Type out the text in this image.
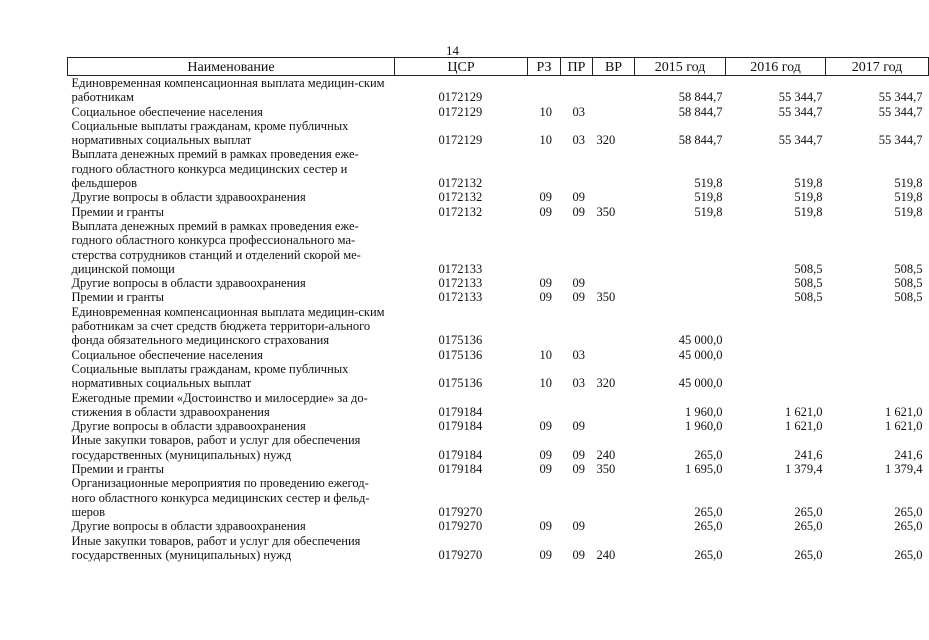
14
Наименование	ЦСР	РЗ	ПР	ВР	2015 год	2016 год	2017 год
Единовременная компенсационная выплата медицин-ским работникам	0172129				58 844,7	55 344,7	55 344,7
Социальное обеспечение населения	0172129	10	03		58 844,7	55 344,7	55 344,7
Социальные выплаты гражданам, кроме публичных нормативных социальных выплат	0172129	10	03	320	58 844,7	55 344,7	55 344,7
Выплата денежных премий в рамках проведения еже-годного областного конкурса медицинских сестер и фельдшеров	0172132				519,8	519,8	519,8
Другие вопросы в области здравоохранения	0172132	09	09		519,8	519,8	519,8
Премии и гранты	0172132	09	09	350	519,8	519,8	519,8
Выплата денежных премий в рамках проведения еже-годного областного конкурса профессионального ма-стерства сотрудников станций и отделений скорой ме-дицинской помощи	0172133					508,5	508,5
Другие вопросы в области здравоохранения	0172133	09	09			508,5	508,5
Премии и гранты	0172133	09	09	350		508,5	508,5
Единовременная компенсационная выплата медицин-ским работникам за счет средств бюджета территори-ального фонда обязательного медицинского страхования	0175136				45 000,0		
Социальное обеспечение населения	0175136	10	03		45 000,0		
Социальные выплаты гражданам, кроме публичных нормативных социальных выплат	0175136	10	03	320	45 000,0		
Ежегодные премии «Достоинство и милосердие» за до-стижения в области здравоохранения	0179184				1 960,0	1 621,0	1 621,0
Другие вопросы в области здравоохранения	0179184	09	09		1 960,0	1 621,0	1 621,0
Иные закупки товаров, работ и услуг для обеспечения государственных (муниципальных) нужд	0179184	09	09	240	265,0	241,6	241,6
Премии и гранты	0179184	09	09	350	1 695,0	1 379,4	1 379,4
Организационные мероприятия по проведению ежегод-ного областного конкурса медицинских сестер и фельд-шеров	0179270				265,0	265,0	265,0
Другие вопросы в области здравоохранения	0179270	09	09		265,0	265,0	265,0
Иные закупки товаров, работ и услуг для обеспечения государственных (муниципальных) нужд	0179270	09	09	240	265,0	265,0	265,0
